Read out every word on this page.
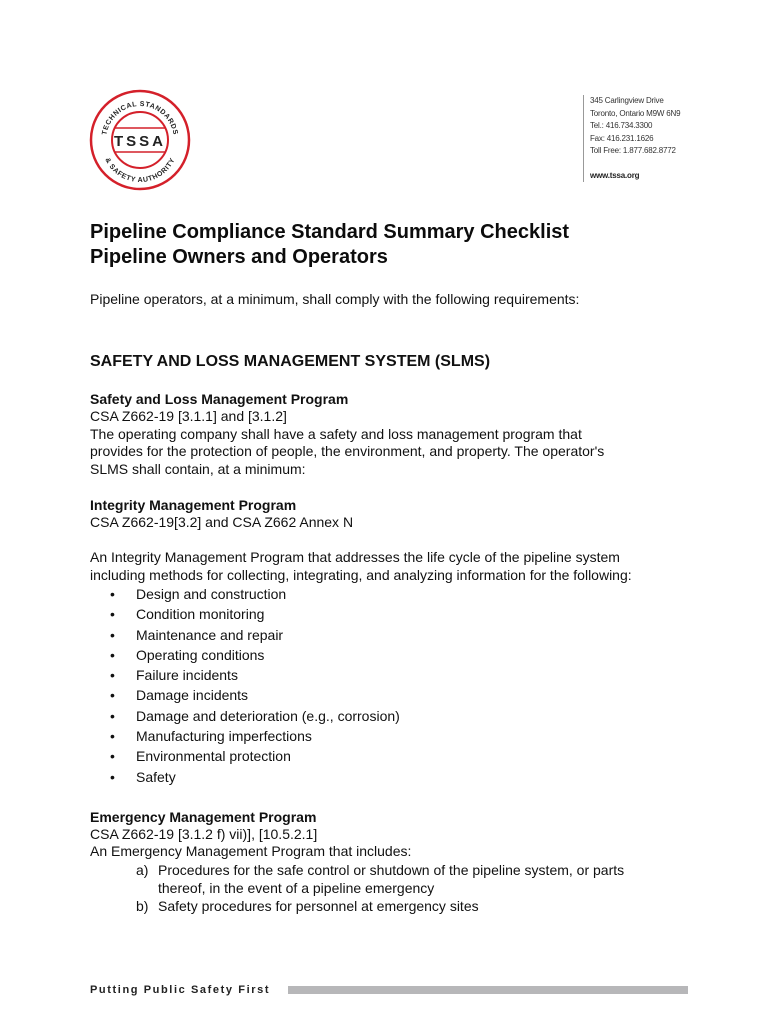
TECHNICAL STANDARDS
& SAFETY AUTHORITY
TSSA
345 Carlingview Drive
Toronto, Ontario M9W 6N9
Tel.: 416.734.3300
Fax: 416.231.1626
Toll Free: 1.877.682.8772
www.tssa.org
Pipeline Compliance Standard Summary Checklist
Pipeline Owners and Operators

Pipeline operators, at a minimum, shall comply with the following requirements:

SAFETY AND LOSS MANAGEMENT SYSTEM (SLMS)
Safety and Loss Management Program

CSA Z662-19 [3.1.1] and [3.1.2]

The operating company shall have a safety and loss management program that

provides for the protection of people, the environment, and property. The operator's

SLMS shall contain, at a minimum:

Integrity Management Program

CSA Z662-19[3.2] and CSA Z662 Annex N

An Integrity Management Program that addresses the life cycle of the pipeline system

including methods for collecting, integrating, and analyzing information for the following:

• Design and construction
• Condition monitoring
• Maintenance and repair
• Operating conditions
• Failure incidents
• Damage incidents
• Damage and deterioration (e.g., corrosion)
• Manufacturing imperfections
• Environmental protection
• Safety
Emergency Management Program

CSA Z662-19 [3.1.2 f) vii)], [10.5.2.1]

An Emergency Management Program that includes:

a) Procedures for the safe control or shutdown of the pipeline system, or parts
thereof, in the event of a pipeline emergency
b) Safety procedures for personnel at emergency sites
Putting Public Safety First
